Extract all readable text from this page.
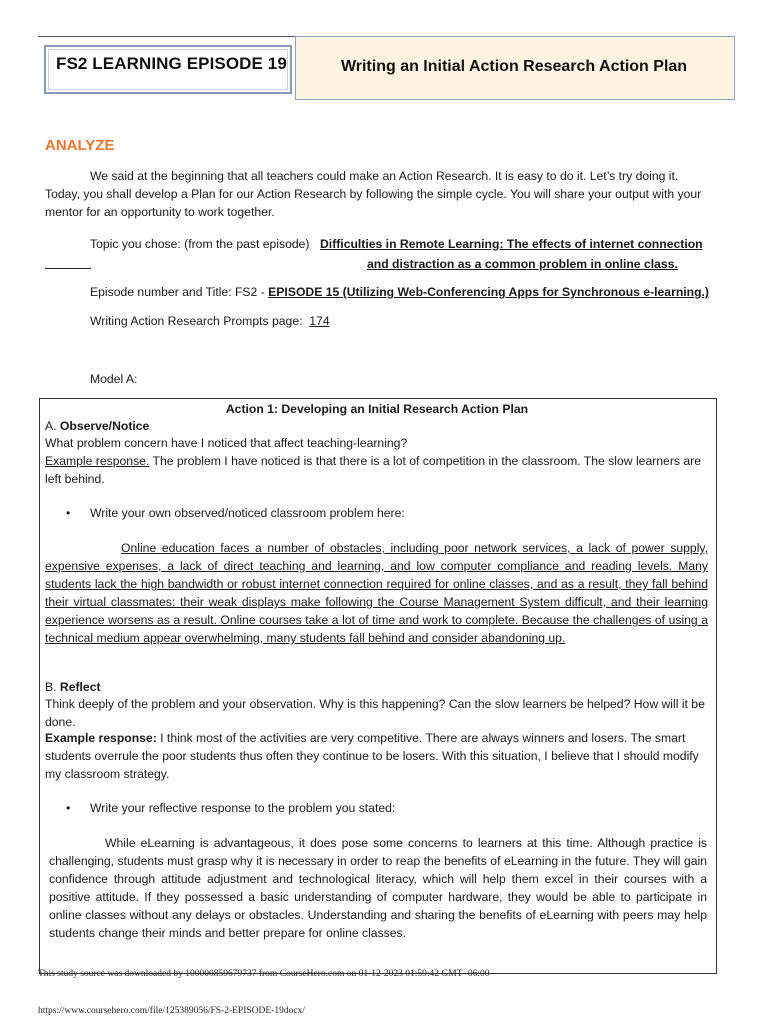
FS2 LEARNING EPISODE 19	Writing an Initial Action Research Action Plan
ANALYZE
We said at the beginning that all teachers could make an Action Research. It is easy to do it. Let’s try doing it. Today, you shall develop a Plan for our Action Research by following the simple cycle. You will share your output with your mentor for an opportunity to work together.
Topic you chose: (from the past episode) Difficulties in Remote Learning: The effects of internet connection
and distraction as a common problem in online class.
Episode number and Title: FS2 - EPISODE 15 (Utilizing Web-Conferencing Apps for Synchronous e-learning.)
Writing Action Research Prompts page: 174
Model A:
Action 1: Developing an Initial Research Action Plan
A. Observe/Notice
What problem concern have I noticed that affect teaching-learning?
Example response. The problem I have noticed is that there is a lot of competition in the classroom. The slow learners are left behind.
• Write your own observed/noticed classroom problem here:
Online education faces a number of obstacles, including poor network services, a lack of power supply, expensive expenses, a lack of direct teaching and learning, and low computer compliance and reading levels. Many students lack the high bandwidth or robust internet connection required for online classes, and as a result, they fall behind their virtual classmates: their weak displays make following the Course Management System difficult, and their learning experience worsens as a result. Online courses take a lot of time and work to complete. Because the challenges of using a technical medium appear overwhelming, many students fall behind and consider abandoning up.
B. Reflect
Think deeply of the problem and your observation. Why is this happening? Can the slow learners be helped? How will it be done.
Example response: I think most of the activities are very competitive. There are always winners and losers. The smart students overrule the poor students thus often they continue to be losers. With this situation, I believe that I should modify my classroom strategy.
• Write your reflective response to the problem you stated:
While eLearning is advantageous, it does pose some concerns to learners at this time. Although practice is challenging, students must grasp why it is necessary in order to reap the benefits of eLearning in the future. They will gain confidence through attitude adjustment and technological literacy, which will help them excel in their courses with a positive attitude. If they possessed a basic understanding of computer hardware, they would be able to participate in online classes without any delays or obstacles. Understanding and sharing the benefits of eLearning with peers may help students change their minds and better prepare for online classes.
This study source was downloaded by 100000859679737 from CourseHero.com on 01-12-2023 01:59:42 GMT -06:00
https://www.coursehero.com/file/125389056/FS-2-EPISODE-19docx/
